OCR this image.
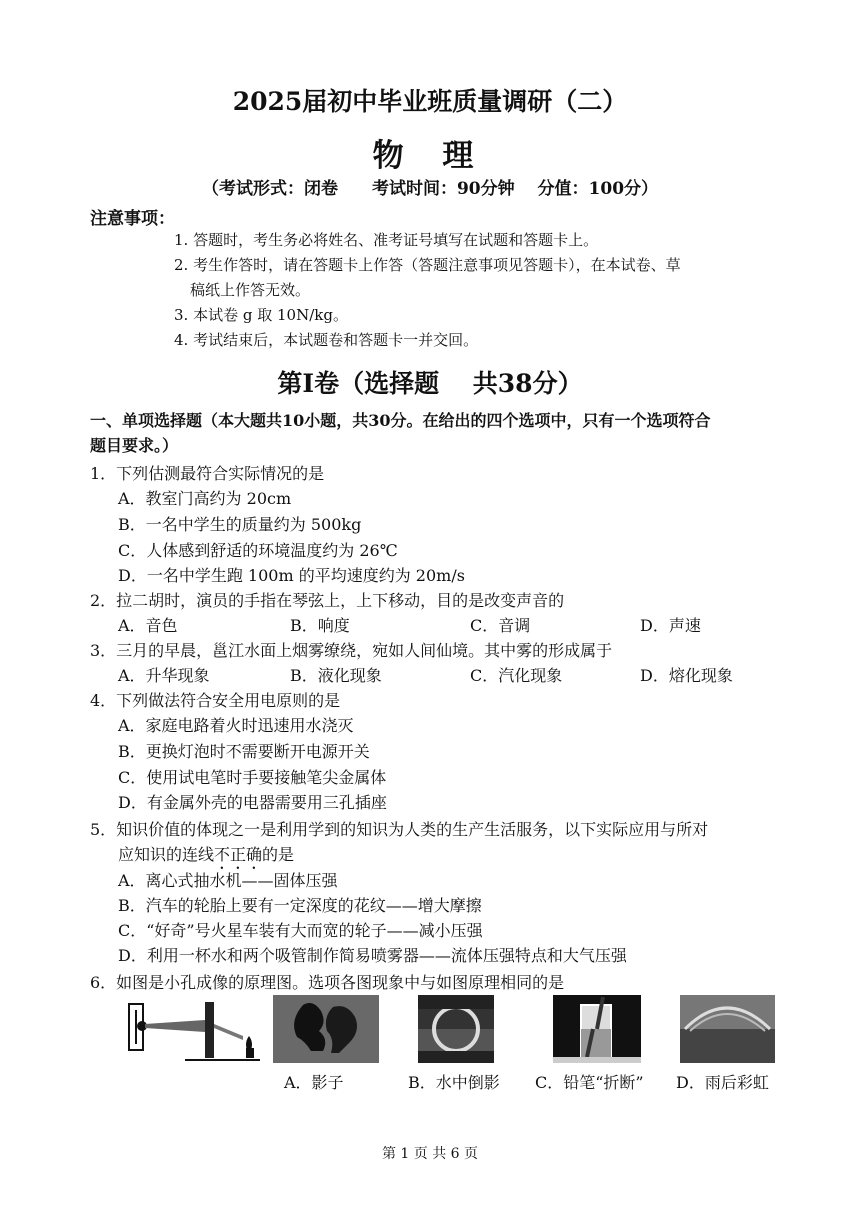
2025届初中毕业班质量调研（二）
物 理
（考试形式：闭卷　　考试时间：90分钟　 分值：100分）
注意事项：
1. 答题时，考生务必将姓名、准考证号填写在试题和答题卡上。
2. 考生作答时，请在答题卡上作答（答题注意事项见答题卡），在本试卷、草
稿纸上作答无效。
3. 本试卷 g 取 10N/kg。
4. 考试结束后，本试题卷和答题卡一并交回。
第Ⅰ卷（选择题　 共38分）
一、单项选择题（本大题共10小题，共30分。在给出的四个选项中，只有一个选项符合
题目要求。）
1．下列估测最符合实际情况的是
A．教室门高约为 20cm
B．一名中学生的质量约为 500kg
C．人体感到舒适的环境温度约为 26℃
D．一名中学生跑 100m 的平均速度约为 20m/s
2．拉二胡时，演员的手指在琴弦上，上下移动，目的是改变声音的
A．音色	B．响度	C．音调	D．声速
3．三月的早晨，邕江水面上烟雾缭绕，宛如人间仙境。其中雾的形成属于
A．升华现象	B．液化现象	C．汽化现象	D．熔化现象
4．下列做法符合安全用电原则的是
A．家庭电路着火时迅速用水浇灭
B．更换灯泡时不需要断开电源开关
C．使用试电笔时手要接触笔尖金属体
D．有金属外壳的电器需要用三孔插座
5．知识价值的体现之一是利用学到的知识为人类的生产生活服务，以下实际应用与所对
应知识的连线不正确的是
A．离心式抽水机——固体压强
B．汽车的轮胎上要有一定深度的花纹——增大摩擦
C．“好奇”号火星车装有大而宽的轮子——减小压强
D．利用一杯水和两个吸管制作简易喷雾器——流体压强特点和大气压强
6．如图是小孔成像的原理图。选项各图现象中与如图原理相同的是
A．影子	B．水中倒影 C．铅笔“折断” D．雨后彩虹
第 1 页 共 6 页
